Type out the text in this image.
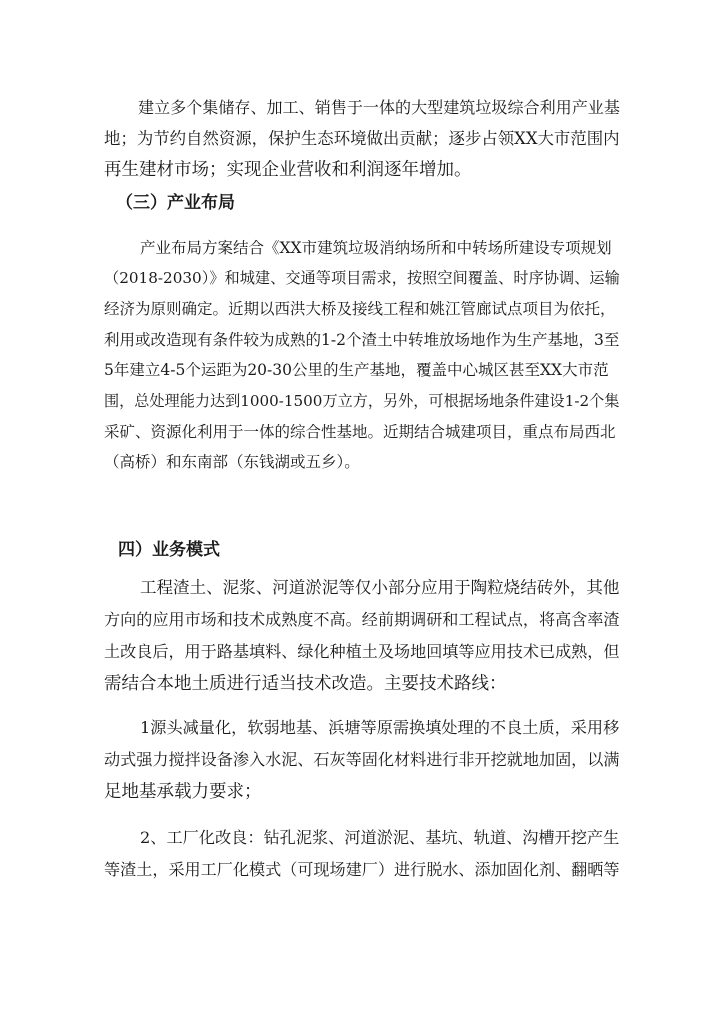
建立多个集储存、加工、销售于一体的大型建筑垃圾综合利用产业基
地；为节约自然资源，保护生态环境做出贡献；逐步占领XX大市范围内
再生建材市场；实现企业营收和利润逐年增加。
（三）产业布局
产业布局方案结合《XX市建筑垃圾消纳场所和中转场所建设专项规划
（2018-2030）》和城建、交通等项目需求，按照空间覆盖、时序协调、运输
经济为原则确定。近期以西洪大桥及接线工程和姚江管廊试点项目为依托，
利用或改造现有条件较为成熟的1-2个渣土中转堆放场地作为生产基地，3至
5年建立4-5个运距为20-30公里的生产基地，覆盖中心城区甚至XX大市范
围，总处理能力达到1000-1500万立方，另外，可根据场地条件建设1-2个集
采矿、资源化利用于一体的综合性基地。近期结合城建项目，重点布局西北
（高桥）和东南部（东钱湖或五乡）。
四）业务模式
工程渣土、泥浆、河道淤泥等仅小部分应用于陶粒烧结砖外，其他
方向的应用市场和技术成熟度不高。经前期调研和工程试点，将高含率渣
土改良后，用于路基填料、绿化种植土及场地回填等应用技术已成熟，但
需结合本地土质进行适当技术改造。主要技术路线：
1源头减量化，软弱地基、浜塘等原需换填处理的不良土质，采用移
动式强力搅拌设备渗入水泥、石灰等固化材料进行非开挖就地加固，以满
足地基承载力要求；
2、工厂化改良：钻孔泥浆、河道淤泥、基坑、轨道、沟槽开挖产生
等渣土，采用工厂化模式（可现场建厂）进行脱水、添加固化剂、翻晒等
